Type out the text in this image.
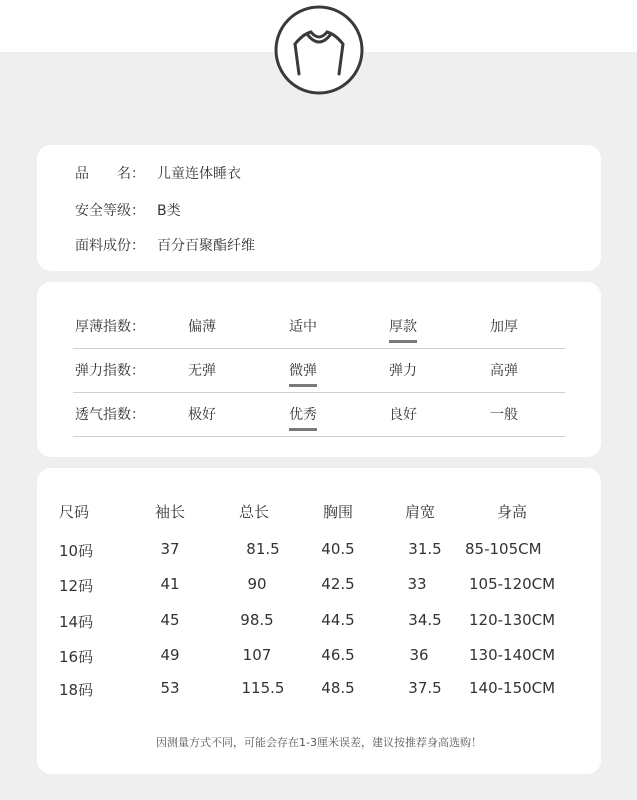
品　　名： 儿童连体睡衣
安全等级： B类
面料成份： 百分百聚酯纤维
厚薄指数：	偏薄	适中	厚款	加厚
弹力指数：	无弹	微弹	弹力	高弹
透气指数：	极好	优秀	良好	一般
尺码	袖长	总长	胸围	肩宽	身高
10码	37	81.5	40.5	31.5	85-105CM
12码	41	90	42.5	33	105-120CM
14码	45	98.5	44.5	34.5	120-130CM
16码	49	107	46.5	36	130-140CM
18码	53	115.5	48.5	37.5	140-150CM
因测量方式不同，可能会存在1-3厘米误差，建议按推荐身高选购！
